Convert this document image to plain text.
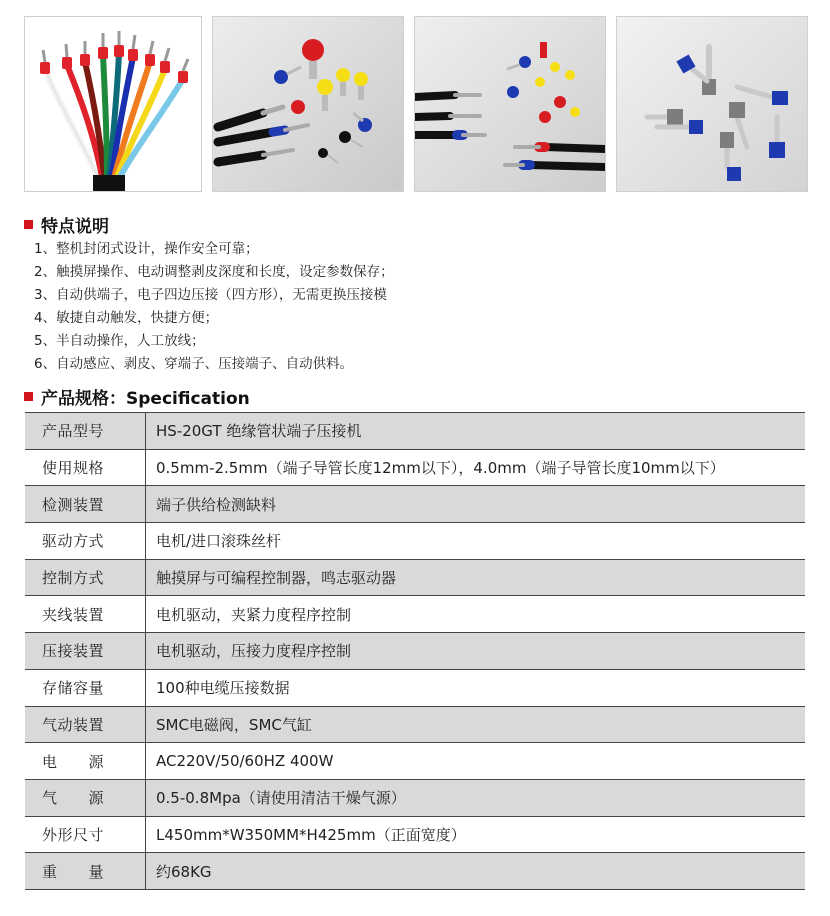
特点说明
1、整机封闭式设计，操作安全可靠；
2、触摸屏操作、电动调整剥皮深度和长度，设定参数保存；
3、自动供端子，电子四边压接（四方形），无需更换压接模
4、敏捷自动触发，快捷方便；
5、半自动操作，人工放线；
6、自动感应、剥皮、穿端子、压接端子、自动供料。
产品规格：Specification
产品型号	HS-20GT 绝缘管状端子压接机
使用规格	0.5mm-2.5mm（端子导管长度12mm以下），4.0mm（端子导管长度10mm以下）
检测装置	端子供给检测缺料
驱动方式	电机/进口滚珠丝杆
控制方式	触摸屏与可编程控制器，鸣志驱动器
夹线装置	电机驱动，夹紧力度程序控制
压接装置	电机驱动，压接力度程序控制
存储容量	100种电缆压接数据
气动装置	SMC电磁阀，SMC气缸
电　　源	AC220V/50/60HZ 400W
气　　源	0.5-0.8Mpa（请使用清洁干燥气源）
外形尺寸	L450mm*W350MM*H425mm（正面宽度）
重　　量	约68KG
